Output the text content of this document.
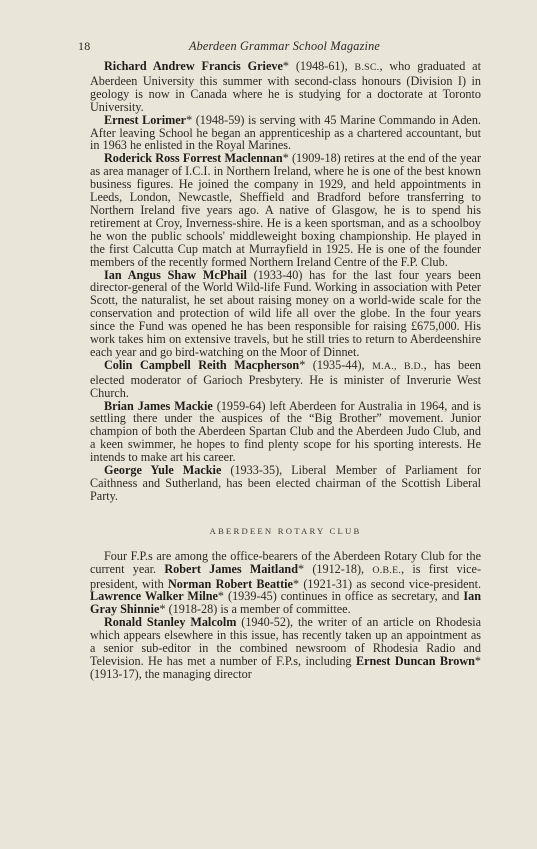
18	Aberdeen Grammar School Magazine

Richard Andrew Francis Grieve* (1948-61), B.SC., who graduated at Aberdeen University this summer with second-class honours (Division I) in geology is now in Canada where he is studying for a doctorate at Toronto University.

Ernest Lorimer* (1948-59) is serving with 45 Marine Commando in Aden. After leaving School he began an apprenticeship as a chartered accountant, but in 1963 he enlisted in the Royal Marines.

Roderick Ross Forrest Maclennan* (1909-18) retires at the end of the year as area manager of I.C.I. in Northern Ireland, where he is one of the best known business figures. He joined the company in 1929, and held appointments in Leeds, London, Newcastle, Sheffield and Bradford before transferring to Northern Ireland five years ago. A native of Glasgow, he is to spend his retirement at Croy, Inverness-shire. He is a keen sportsman, and as a schoolboy he won the public schools' middleweight boxing championship. He played in the first Calcutta Cup match at Murrayfield in 1925. He is one of the founder members of the recently formed Northern Ireland Centre of the F.P. Club.

Ian Angus Shaw McPhail (1933-40) has for the last four years been director-general of the World Wild-life Fund. Working in association with Peter Scott, the naturalist, he set about raising money on a world-wide scale for the conservation and protection of wild life all over the globe. In the four years since the Fund was opened he has been responsible for raising £675,000. His work takes him on extensive travels, but he still tries to return to Aberdeenshire each year and go bird-watching on the Moor of Dinnet.

Colin Campbell Reith Macpherson* (1935-44), M.A., B.D., has been elected moderator of Garioch Presbytery. He is minister of Inverurie West Church.

Brian James Mackie (1959-64) left Aberdeen for Australia in 1964, and is settling there under the auspices of the “Big Brother” movement. Junior champion of both the Aberdeen Spartan Club and the Aberdeen Judo Club, and a keen swimmer, he hopes to find plenty scope for his sporting interests. He intends to make art his career.

George Yule Mackie (1933-35), Liberal Member of Parliament for Caithness and Sutherland, has been elected chairman of the Scottish Liberal Party.

ABERDEEN ROTARY CLUB

Four F.P.s are among the office-bearers of the Aberdeen Rotary Club for the current year. Robert James Maitland* (1912-18), O.B.E., is first vice-president, with Norman Robert Beattie* (1921-31) as second vice-president. Lawrence Walker Milne* (1939-45) continues in office as secretary, and Ian Gray Shinnie* (1918-28) is a member of committee.

Ronald Stanley Malcolm (1940-52), the writer of an article on Rhodesia which appears elsewhere in this issue, has recently taken up an appointment as a senior sub-editor in the combined newsroom of Rhodesia Radio and Television. He has met a number of F.P.s, including Ernest Duncan Brown* (1913-17), the managing director
